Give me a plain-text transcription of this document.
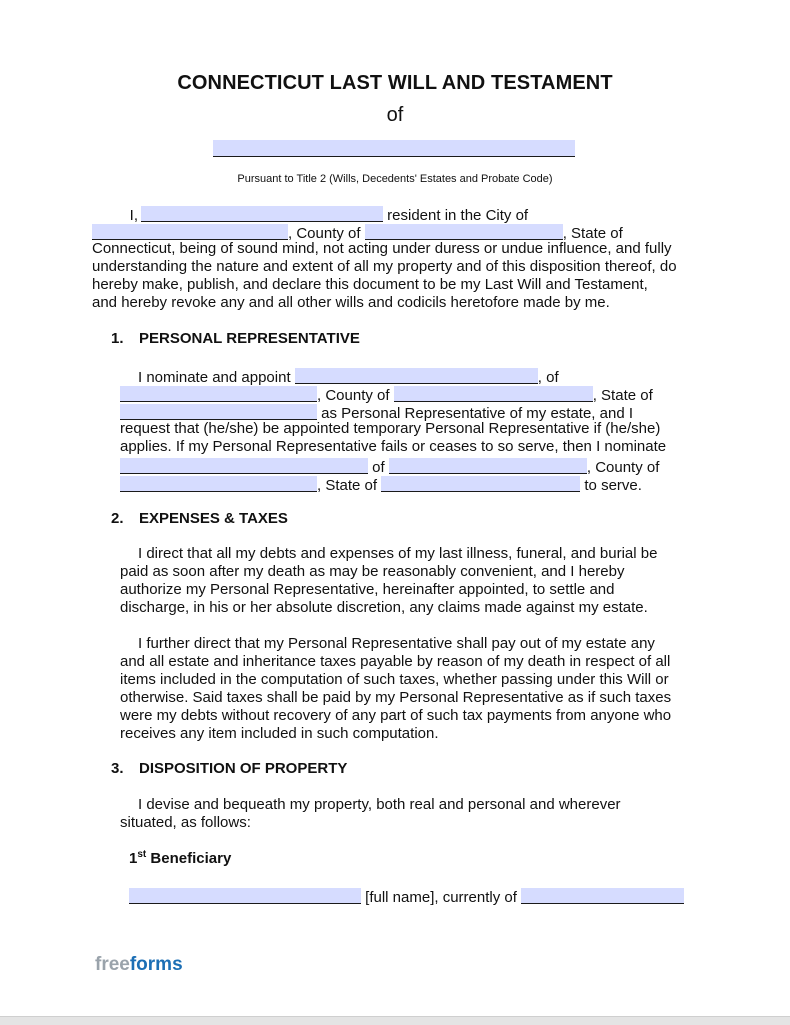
CONNECTICUT LAST WILL AND TESTAMENT
of
Pursuant to Title 2 (Wills, Decedents' Estates and Probate Code)
I,	resident in the City of
, County of	, State of
Connecticut, being of sound mind, not acting under duress or undue influence, and fully
understanding the nature and extent of all my property and of this disposition thereof, do
hereby make, publish, and declare this document to be my Last Will and Testament,
and hereby revoke any and all other wills and codicils heretofore made by me.
1. PERSONAL REPRESENTATIVE
I nominate and appoint	, of
, County of	, State of
as Personal Representative of my estate, and I
request that (he/she) be appointed temporary Personal Representative if (he/she)
applies. If my Personal Representative fails or ceases to so serve, then I nominate
of	, County of
, State of	to serve.
2. EXPENSES & TAXES
I direct that all my debts and expenses of my last illness, funeral, and burial be
paid as soon after my death as may be reasonably convenient, and I hereby
authorize my Personal Representative, hereinafter appointed, to settle and
discharge, in his or her absolute discretion, any claims made against my estate.
I further direct that my Personal Representative shall pay out of my estate any
and all estate and inheritance taxes payable by reason of my death in respect of all
items included in the computation of such taxes, whether passing under this Will or
otherwise. Said taxes shall be paid by my Personal Representative as if such taxes
were my debts without recovery of any part of such tax payments from anyone who
receives any item included in such computation.
3. DISPOSITION OF PROPERTY
I devise and bequeath my property, both real and personal and wherever
situated, as follows:
1st Beneficiary
[full name], currently of
freeforms
